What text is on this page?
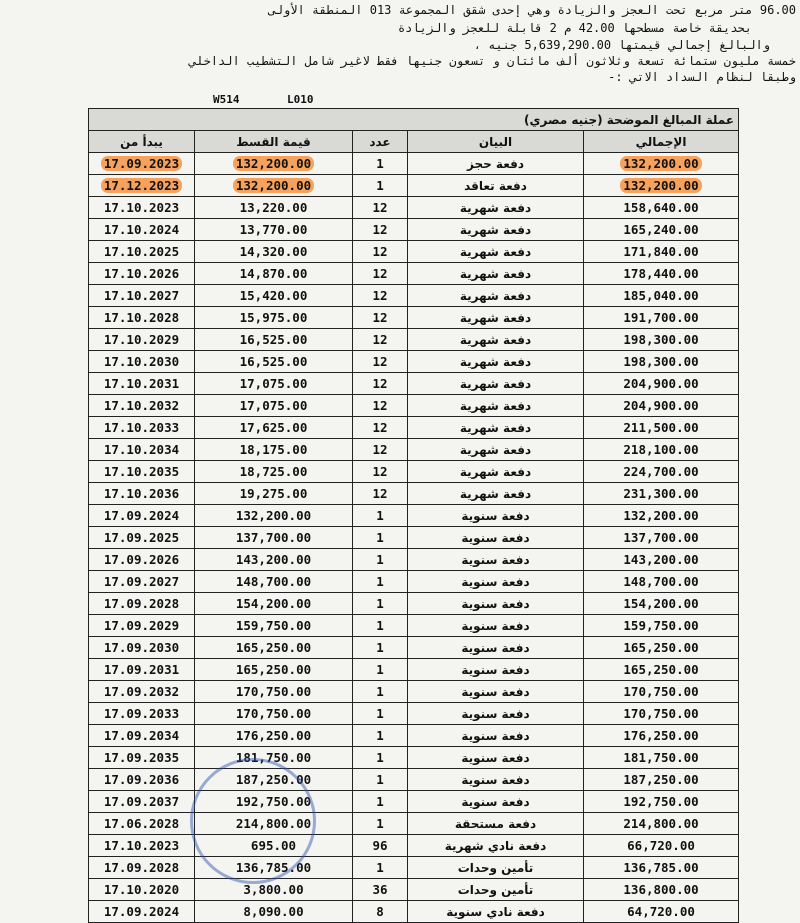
96.00 متر مربع تحت العجز والزيادة وهي إحدى شقق المجموعة 013 المنطقة الأولى
بحديقة خاصة مسطحها 42.00 م 2 قابلة للعجز والزيادة
والبالغ إجمالي قيمتها 5,639,290.00 جنيه ،
خمسة مليون ستمائة تسعة وثلاثون ألف مائتان و تسعون جنيها فقط لاغير شامل التشطيب الداخلي
وطبقا لنظام السداد الاتي :-
W514	L010
عملة المبالغ الموضحة (جنيه مصري)				
يبدأ من	قيمة القسط	عدد	البيان	الإجمالي
17.09.2023	132,200.00	1	دفعة حجز	132,200.00
17.12.2023	132,200.00	1	دفعة تعاقد	132,200.00
17.10.2023	13,220.00	12	دفعة شهرية	158,640.00
17.10.2024	13,770.00	12	دفعة شهرية	165,240.00
17.10.2025	14,320.00	12	دفعة شهرية	171,840.00
17.10.2026	14,870.00	12	دفعة شهرية	178,440.00
17.10.2027	15,420.00	12	دفعة شهرية	185,040.00
17.10.2028	15,975.00	12	دفعة شهرية	191,700.00
17.10.2029	16,525.00	12	دفعة شهرية	198,300.00
17.10.2030	16,525.00	12	دفعة شهرية	198,300.00
17.10.2031	17,075.00	12	دفعة شهرية	204,900.00
17.10.2032	17,075.00	12	دفعة شهرية	204,900.00
17.10.2033	17,625.00	12	دفعة شهرية	211,500.00
17.10.2034	18,175.00	12	دفعة شهرية	218,100.00
17.10.2035	18,725.00	12	دفعة شهرية	224,700.00
17.10.2036	19,275.00	12	دفعة شهرية	231,300.00
17.09.2024	132,200.00	1	دفعة سنوية	132,200.00
17.09.2025	137,700.00	1	دفعة سنوية	137,700.00
17.09.2026	143,200.00	1	دفعة سنوية	143,200.00
17.09.2027	148,700.00	1	دفعة سنوية	148,700.00
17.09.2028	154,200.00	1	دفعة سنوية	154,200.00
17.09.2029	159,750.00	1	دفعة سنوية	159,750.00
17.09.2030	165,250.00	1	دفعة سنوية	165,250.00
17.09.2031	165,250.00	1	دفعة سنوية	165,250.00
17.09.2032	170,750.00	1	دفعة سنوية	170,750.00
17.09.2033	170,750.00	1	دفعة سنوية	170,750.00
17.09.2034	176,250.00	1	دفعة سنوية	176,250.00
17.09.2035	181,750.00	1	دفعة سنوية	181,750.00
17.09.2036	187,250.00	1	دفعة سنوية	187,250.00
17.09.2037	192,750.00	1	دفعة سنوية	192,750.00
17.06.2028	214,800.00	1	دفعة مستحقة	214,800.00
17.10.2023	695.00	96	دفعة نادي شهرية	66,720.00
17.09.2028	136,785.00	1	تأمين وحدات	136,785.00
17.10.2020	3,800.00	36	تأمين وحدات	136,800.00
17.09.2024	8,090.00	8	دفعة نادي سنوية	64,720.00
